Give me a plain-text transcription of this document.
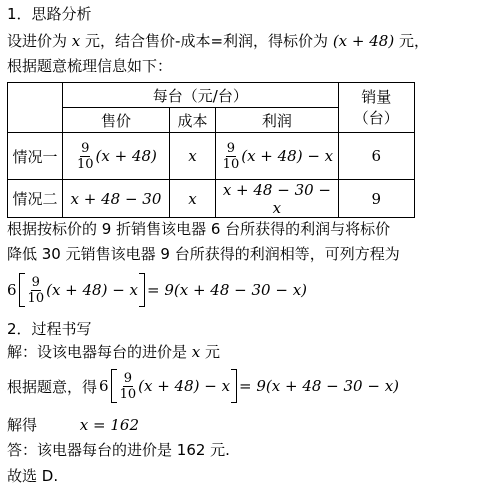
1．思路分析
设进价为 x 元，结合售价-成本=利润，得标价为 (x + 48) 元，
根据题意梳理信息如下：
	每台（元/台）			销量
（台）

	售价	成本	利润	
情况一	$\frac{9}{10} (x + 48)$	x	$\frac{9}{10} (x + 48) - x$	6
情况二	x + 48 − 30	x	x + 48 − 30 − x	9
根据按标价的 9 折销售该电器 6 台所获得的利润与将标价
降低 30 元销售该电器 9 台所获得的利润相等，可列方程为
$6 \frac{9}{10} (x + 48) - x = 9(x + 48 - 30 - x)$
2．过程书写
解：设该电器每台的进价是 x 元
根据题意，得 $6 \frac{9}{10} (x + 48) - x = 9(x + 48 - 30 - x)$
解得	x = 162
答：该电器每台的进价是 162 元.
故选 D.
